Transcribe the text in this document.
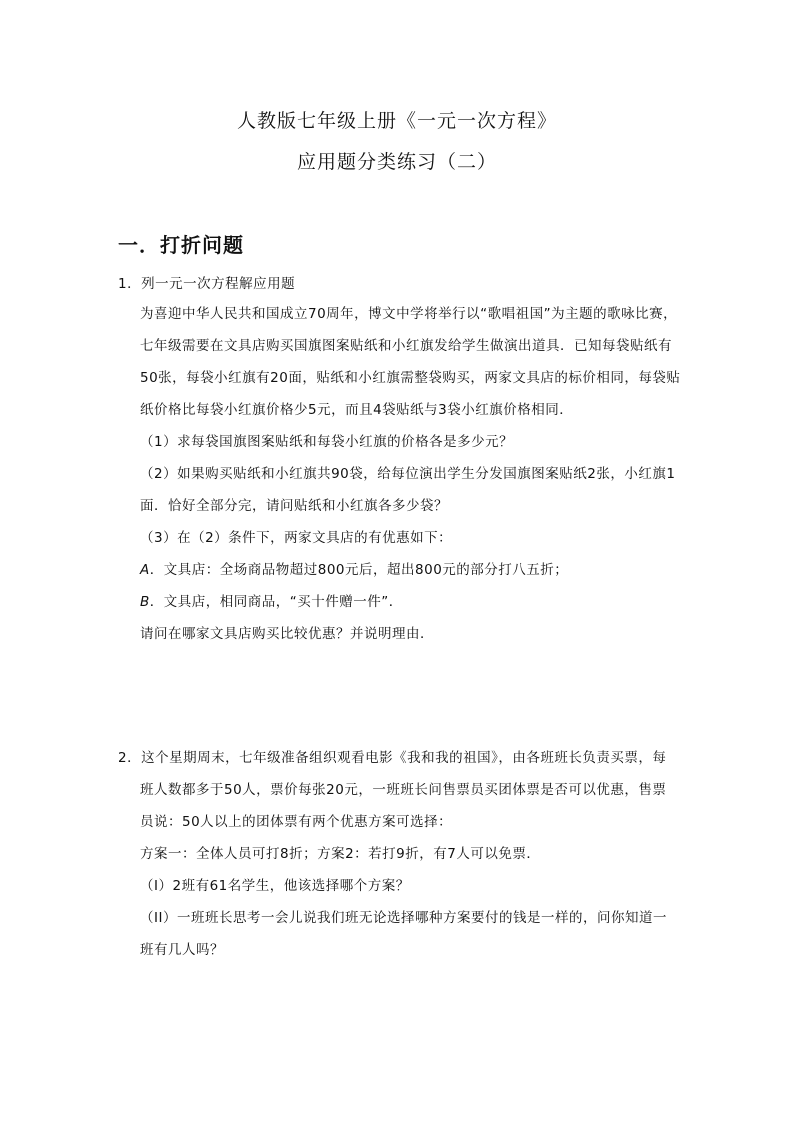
人教版七年级上册《一元一次方程》
应用题分类练习（二）
一．打折问题
1．列一元一次方程解应用题
为喜迎中华人民共和国成立70周年，博文中学将举行以“歌唱祖国”为主题的歌咏比赛，
七年级需要在文具店购买国旗图案贴纸和小红旗发给学生做演出道具．已知每袋贴纸有
50张，每袋小红旗有20面，贴纸和小红旗需整袋购买，两家文具店的标价相同，每袋贴
纸价格比每袋小红旗价格少5元，而且4袋贴纸与3袋小红旗价格相同．
（1）求每袋国旗图案贴纸和每袋小红旗的价格各是多少元？
（2）如果购买贴纸和小红旗共90袋，给每位演出学生分发国旗图案贴纸2张，小红旗1
面．恰好全部分完，请问贴纸和小红旗各多少袋？
（3）在（2）条件下，两家文具店的有优惠如下：
A．文具店：全场商品物超过800元后，超出800元的部分打八五折；
B．文具店，相同商品，“买十件赠一件”．
请问在哪家文具店购买比较优惠？并说明理由．
2．这个星期周末，七年级准备组织观看电影《我和我的祖国》，由各班班长负责买票，每
班人数都多于50人，票价每张20元，一班班长问售票员买团体票是否可以优惠，售票
员说：50人以上的团体票有两个优惠方案可选择：
方案一：全体人员可打8折；方案2：若打9折，有7人可以免票．
（I）2班有61名学生，他该选择哪个方案？
（II）一班班长思考一会儿说我们班无论选择哪种方案要付的钱是一样的，问你知道一
班有几人吗？
